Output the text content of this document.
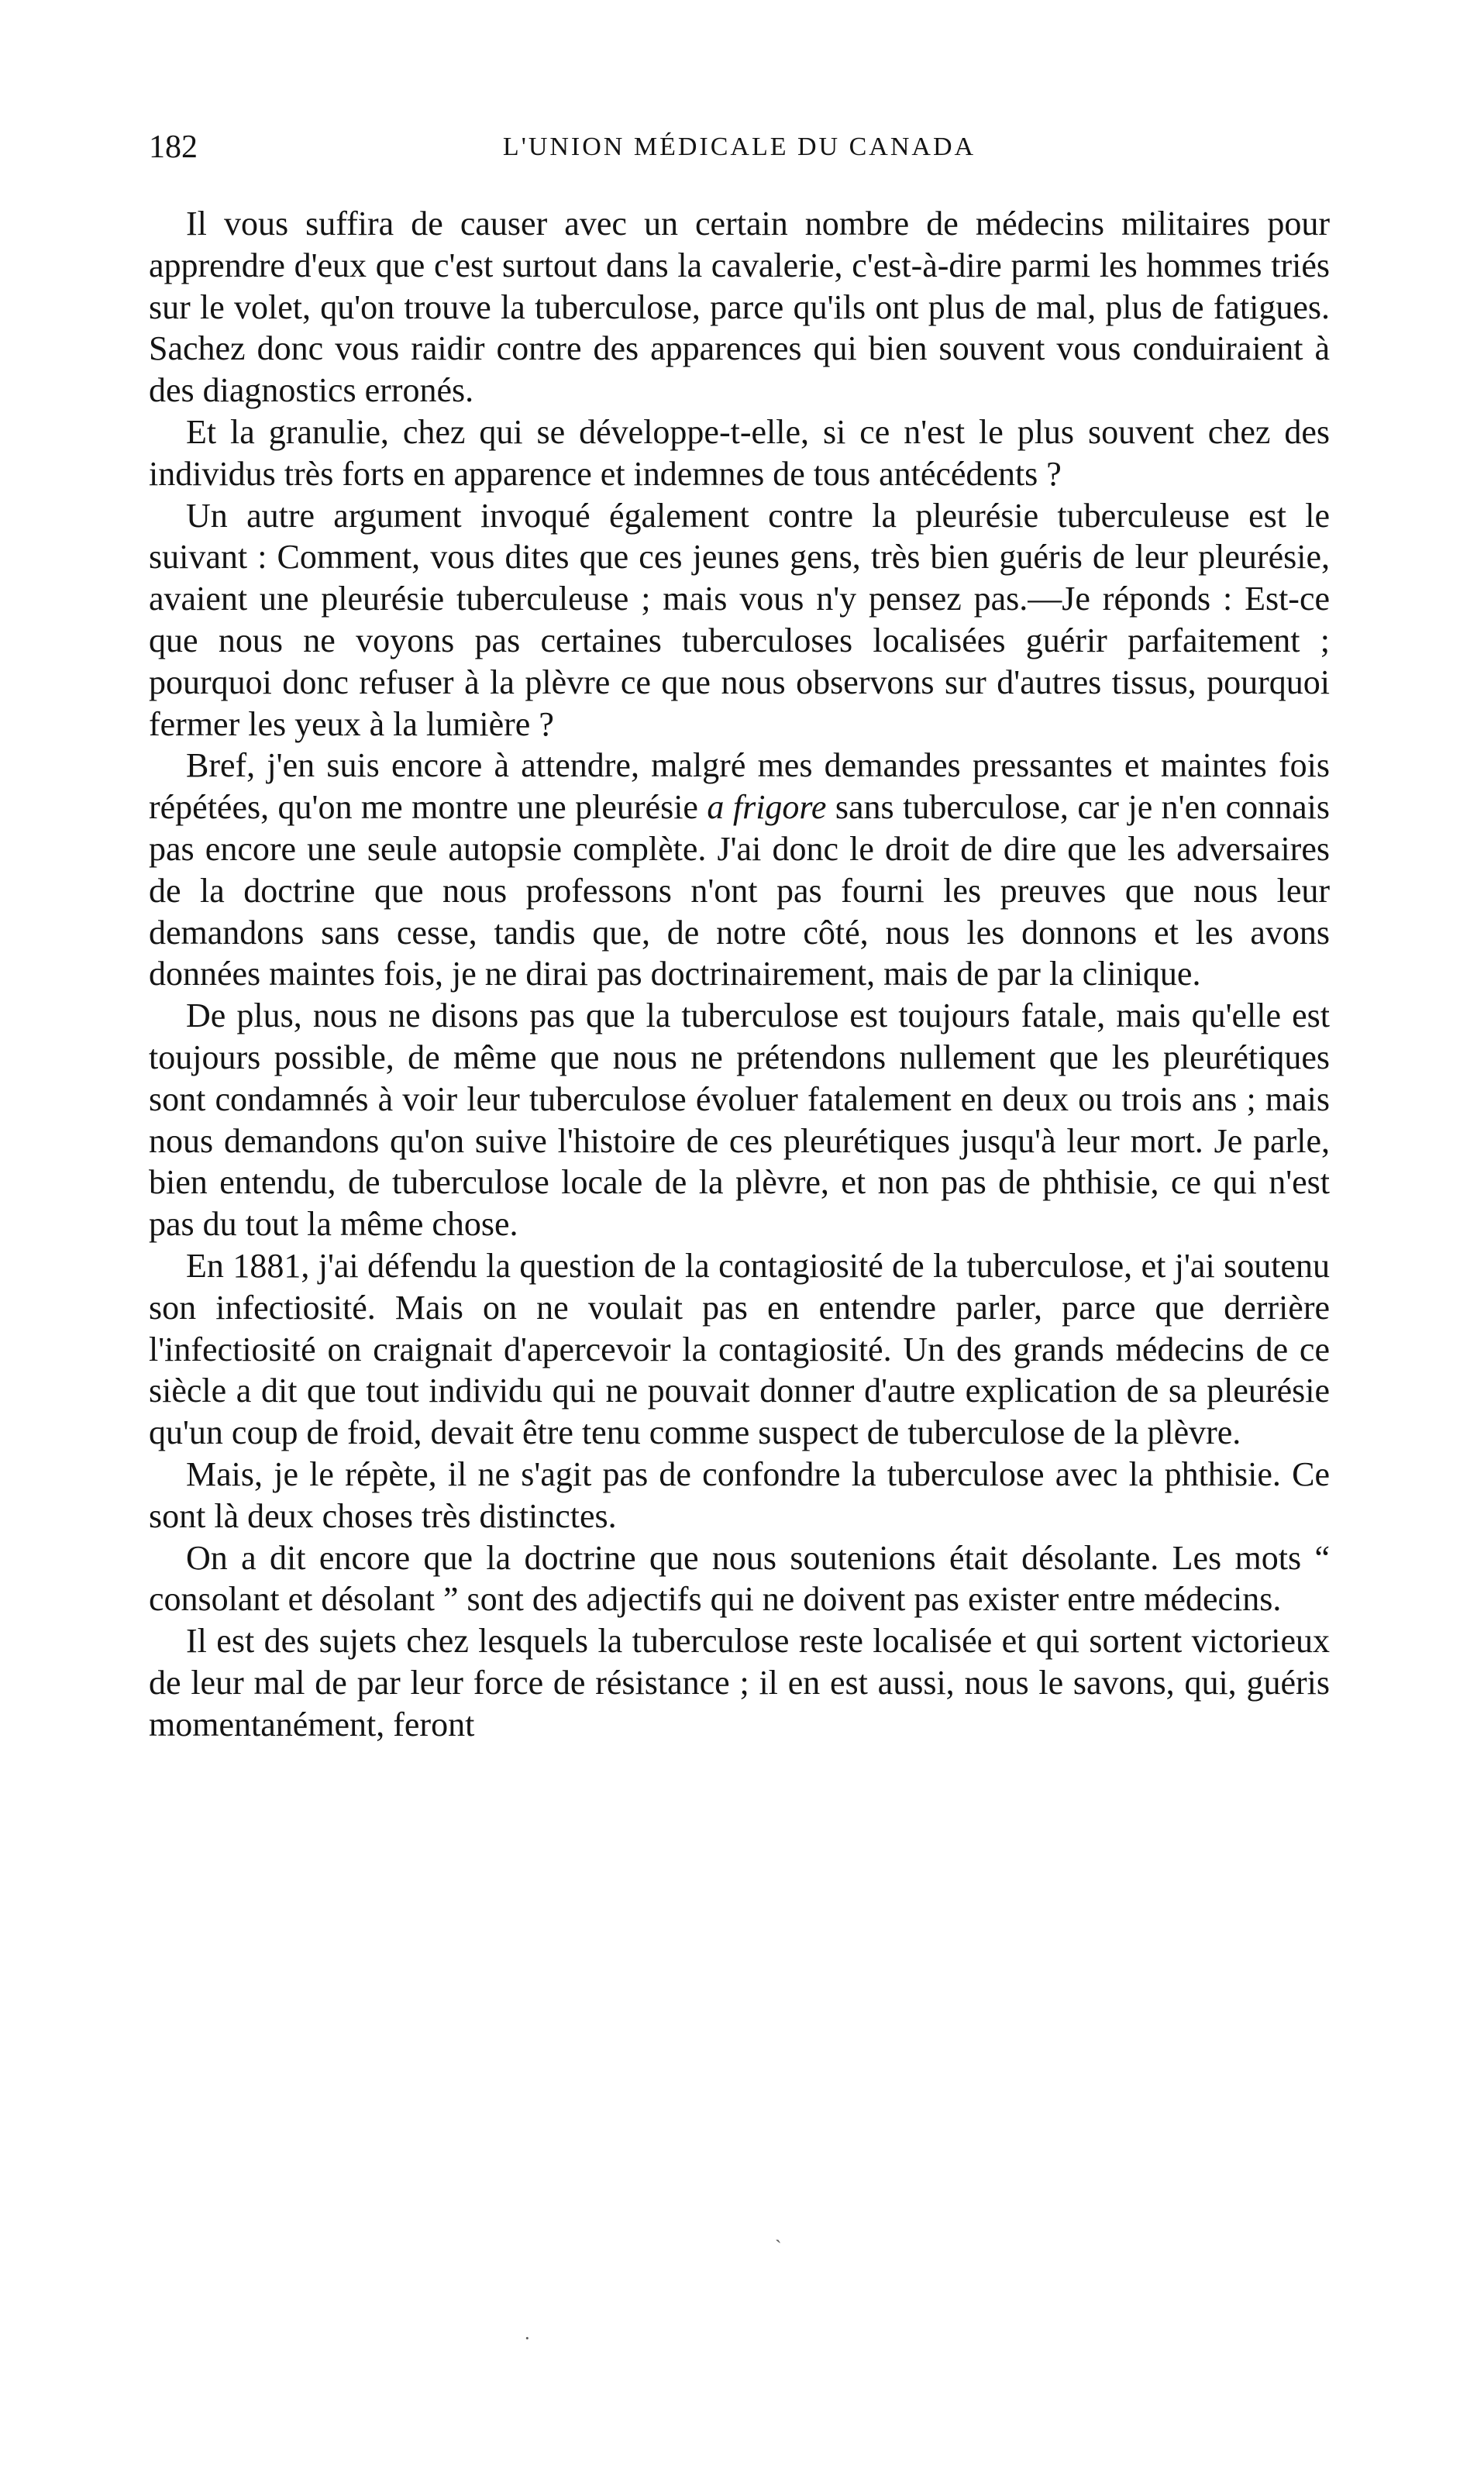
182	L'UNION MÉDICALE DU CANADA

Il vous suffira de causer avec un certain nombre de médecins militaires pour apprendre d'eux que c'est surtout dans la cavalerie, c'est-à-dire parmi les hommes triés sur le volet, qu'on trouve la tuberculose, parce qu'ils ont plus de mal, plus de fatigues. Sachez donc vous raidir contre des apparences qui bien souvent vous conduiraient à des diagnostics erronés.

Et la granulie, chez qui se développe-t-elle, si ce n'est le plus souvent chez des individus très forts en apparence et indemnes de tous antécédents ?

Un autre argument invoqué également contre la pleurésie tuberculeuse est le suivant : Comment, vous dites que ces jeunes gens, très bien guéris de leur pleurésie, avaient une pleurésie tuberculeuse ; mais vous n'y pensez pas.—Je réponds : Est-ce que nous ne voyons pas certaines tuberculoses localisées guérir parfaitement ; pourquoi donc refuser à la plèvre ce que nous observons sur d'autres tissus, pourquoi fermer les yeux à la lumière ?

Bref, j'en suis encore à attendre, malgré mes demandes pressantes et maintes fois répétées, qu'on me montre une pleurésie a frigore sans tuberculose, car je n'en connais pas encore une seule autopsie complète. J'ai donc le droit de dire que les adversaires de la doctrine que nous professons n'ont pas fourni les preuves que nous leur demandons sans cesse, tandis que, de notre côté, nous les donnons et les avons données maintes fois, je ne dirai pas doctrinairement, mais de par la clinique.

De plus, nous ne disons pas que la tuberculose est toujours fatale, mais qu'elle est toujours possible, de même que nous ne prétendons nullement que les pleurétiques sont condamnés à voir leur tuberculose évoluer fatalement en deux ou trois ans ; mais nous demandons qu'on suive l'histoire de ces pleurétiques jusqu'à leur mort. Je parle, bien entendu, de tuberculose locale de la plèvre, et non pas de phthisie, ce qui n'est pas du tout la même chose.

En 1881, j'ai défendu la question de la contagiosité de la tuberculose, et j'ai soutenu son infectiosité. Mais on ne voulait pas en entendre parler, parce que derrière l'infectiosité on craignait d'apercevoir la contagiosité. Un des grands médecins de ce siècle a dit que tout individu qui ne pouvait donner d'autre explication de sa pleurésie qu'un coup de froid, devait être tenu comme suspect de tuberculose de la plèvre.

Mais, je le répète, il ne s'agit pas de confondre la tuberculose avec la phthisie. Ce sont là deux choses très distinctes.

On a dit encore que la doctrine que nous soutenions était désolante. Les mots “ consolant et désolant ” sont des adjectifs qui ne doivent pas exister entre médecins.

Il est des sujets chez lesquels la tuberculose reste localisée et qui sortent victorieux de leur mal de par leur force de résistance ; il en est aussi, nous le savons, qui, guéris momentanément, feront

ˎ
·
